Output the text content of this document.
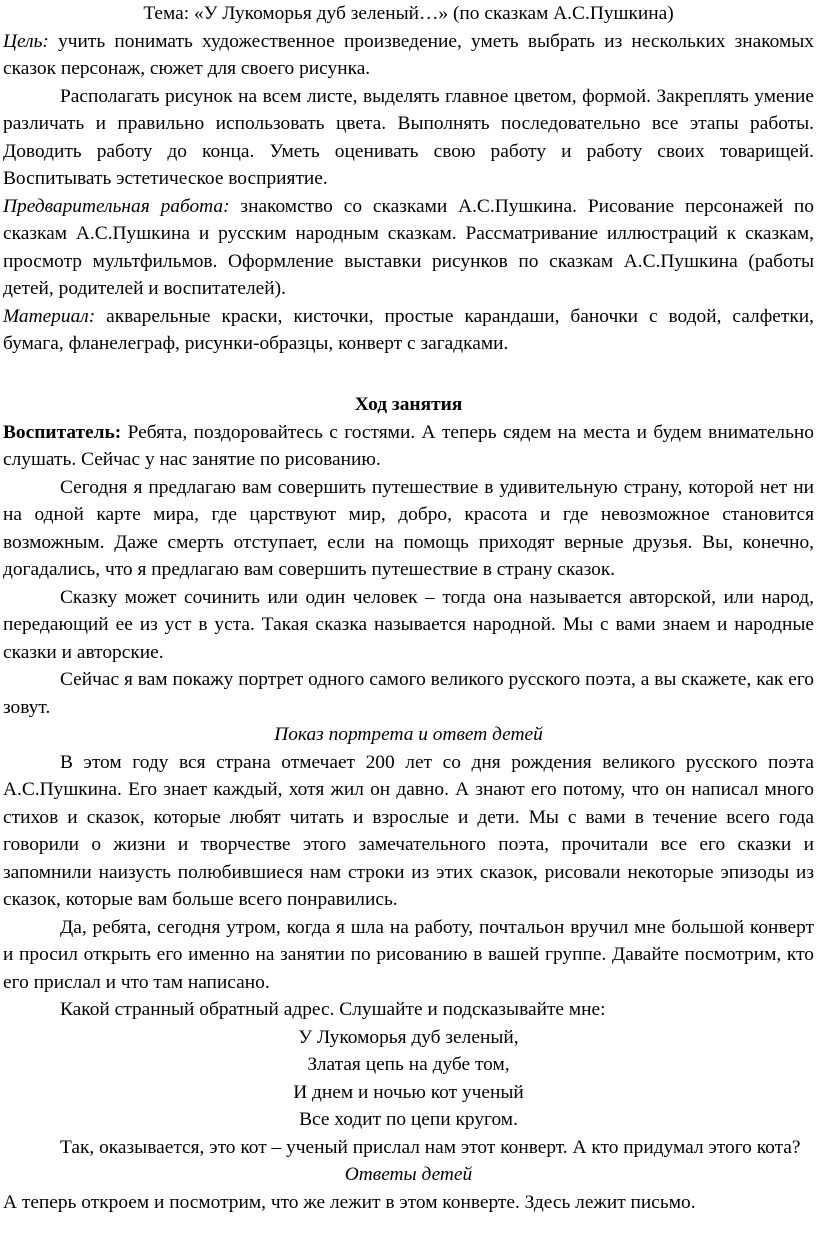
Тема: «У Лукоморья дуб зеленый…» (по сказкам А.С.Пушкина)

Цель: учить понимать художественное произведение, уметь выбрать из нескольких знакомых сказок персонаж, сюжет для своего рисунка.

Располагать рисунок на всем листе, выделять главное цветом, формой. Закреплять умение различать и правильно использовать цвета. Выполнять последовательно все этапы работы. Доводить работу до конца. Уметь оценивать свою работу и работу своих товарищей. Воспитывать эстетическое восприятие.

Предварительная работа: знакомство со сказками А.С.Пушкина. Рисование персонажей по сказкам А.С.Пушкина и русским народным сказкам. Рассматривание иллюстраций к сказкам, просмотр мультфильмов. Оформление выставки рисунков по сказкам А.С.Пушкина (работы детей, родителей и воспитателей).

Материал: акварельные краски, кисточки, простые карандаши, баночки с водой, салфетки, бумага, фланелеграф, рисунки-образцы, конверт с загадками.

Ход занятия

Воспитатель: Ребята, поздоровайтесь с гостями. А теперь сядем на места и будем внимательно слушать. Сейчас у нас занятие по рисованию.

Сегодня я предлагаю вам совершить путешествие в удивительную страну, которой нет ни на одной карте мира, где царствуют мир, добро, красота и где невозможное становится возможным. Даже смерть отступает, если на помощь приходят верные друзья. Вы, конечно, догадались, что я предлагаю вам совершить путешествие в страну сказок.

Сказку может сочинить или один человек – тогда она называется авторской, или народ, передающий ее из уст в уста. Такая сказка называется народной. Мы с вами знаем и народные сказки и авторские.

Сейчас я вам покажу портрет одного самого великого русского поэта, а вы скажете, как его зовут.

Показ портрета и ответ детей

В этом году вся страна отмечает 200 лет со дня рождения великого русского поэта А.С.Пушкина. Его знает каждый, хотя жил он давно. А знают его потому, что он написал много стихов и сказок, которые любят читать и взрослые и дети. Мы с вами в течение всего года говорили о жизни и творчестве этого замечательного поэта, прочитали все его сказки и запомнили наизусть полюбившиеся нам строки из этих сказок, рисовали некоторые эпизоды из сказок, которые вам больше всего понравились.

Да, ребята, сегодня утром, когда я шла на работу, почтальон вручил мне большой конверт и просил открыть его именно на занятии по рисованию в вашей группе. Давайте посмотрим, кто его прислал и что там написано.

Какой странный обратный адрес. Слушайте и подсказывайте мне:

У Лукоморья дуб зеленый,

Златая цепь на дубе том,

И днем и ночью кот ученый

Все ходит по цепи кругом.

Так, оказывается, это кот – ученый прислал нам этот конверт. А кто придумал этого кота?

Ответы детей

А теперь откроем и посмотрим, что же лежит в этом конверте. Здесь лежит письмо.
